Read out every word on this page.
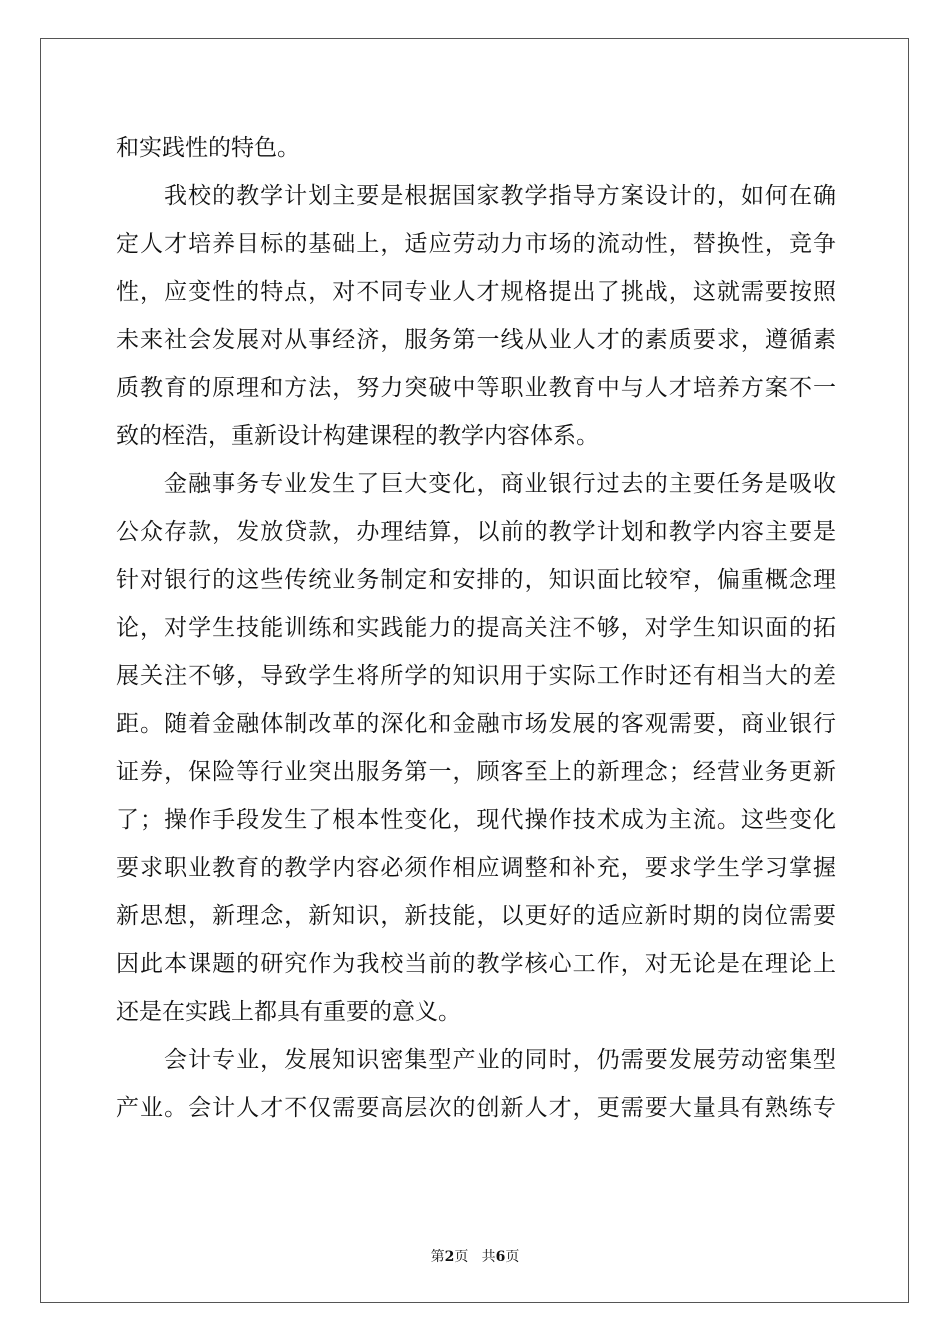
和实践性的特色。
我校的教学计划主要是根据国家教学指导方案设计的，如何在确
定人才培养目标的基础上，适应劳动力市场的流动性，替换性，竞争
性，应变性的特点，对不同专业人才规格提出了挑战，这就需要按照
未来社会发展对从事经济，服务第一线从业人才的素质要求，遵循素
质教育的原理和方法，努力突破中等职业教育中与人才培养方案不一
致的桎浩，重新设计构建课程的教学内容体系。
金融事务专业发生了巨大变化，商业银行过去的主要任务是吸收
公众存款，发放贷款，办理结算，以前的教学计划和教学内容主要是
针对银行的这些传统业务制定和安排的，知识面比较窄，偏重概念理
论，对学生技能训练和实践能力的提高关注不够，对学生知识面的拓
展关注不够，导致学生将所学的知识用于实际工作时还有相当大的差
距。随着金融体制改革的深化和金融市场发展的客观需要，商业银行
证券，保险等行业突出服务第一，顾客至上的新理念；经营业务更新
了；操作手段发生了根本性变化，现代操作技术成为主流。这些变化
要求职业教育的教学内容必须作相应调整和补充，要求学生学习掌握
新思想，新理念，新知识，新技能，以更好的适应新时期的岗位需要
因此本课题的研究作为我校当前的教学核心工作，对无论是在理论上
还是在实践上都具有重要的意义。
会计专业，发展知识密集型产业的同时，仍需要发展劳动密集型
产业。会计人才不仅需要高层次的创新人才，更需要大量具有熟练专
第2页 共6页
